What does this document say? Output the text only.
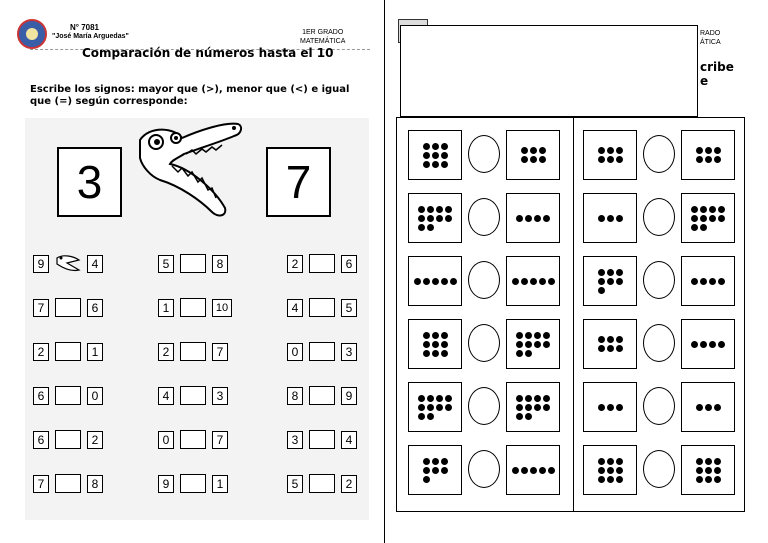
N° 7081
"José María Arguedas"
1ER GRADO
MATEMÁTICA
Comparación de números hasta el 10
Escribe los signos: mayor que (>), menor que (<) e igual que (=) según corresponde:
3	7
9	4	5	8	2	6
7	6	1	10	4	5
2	1	2	7	0	3
6	0	4	3	8	9
6	2	0	7	3	4
7	8	9	1	5	2
RADO
ÁTICA
cribe
e
